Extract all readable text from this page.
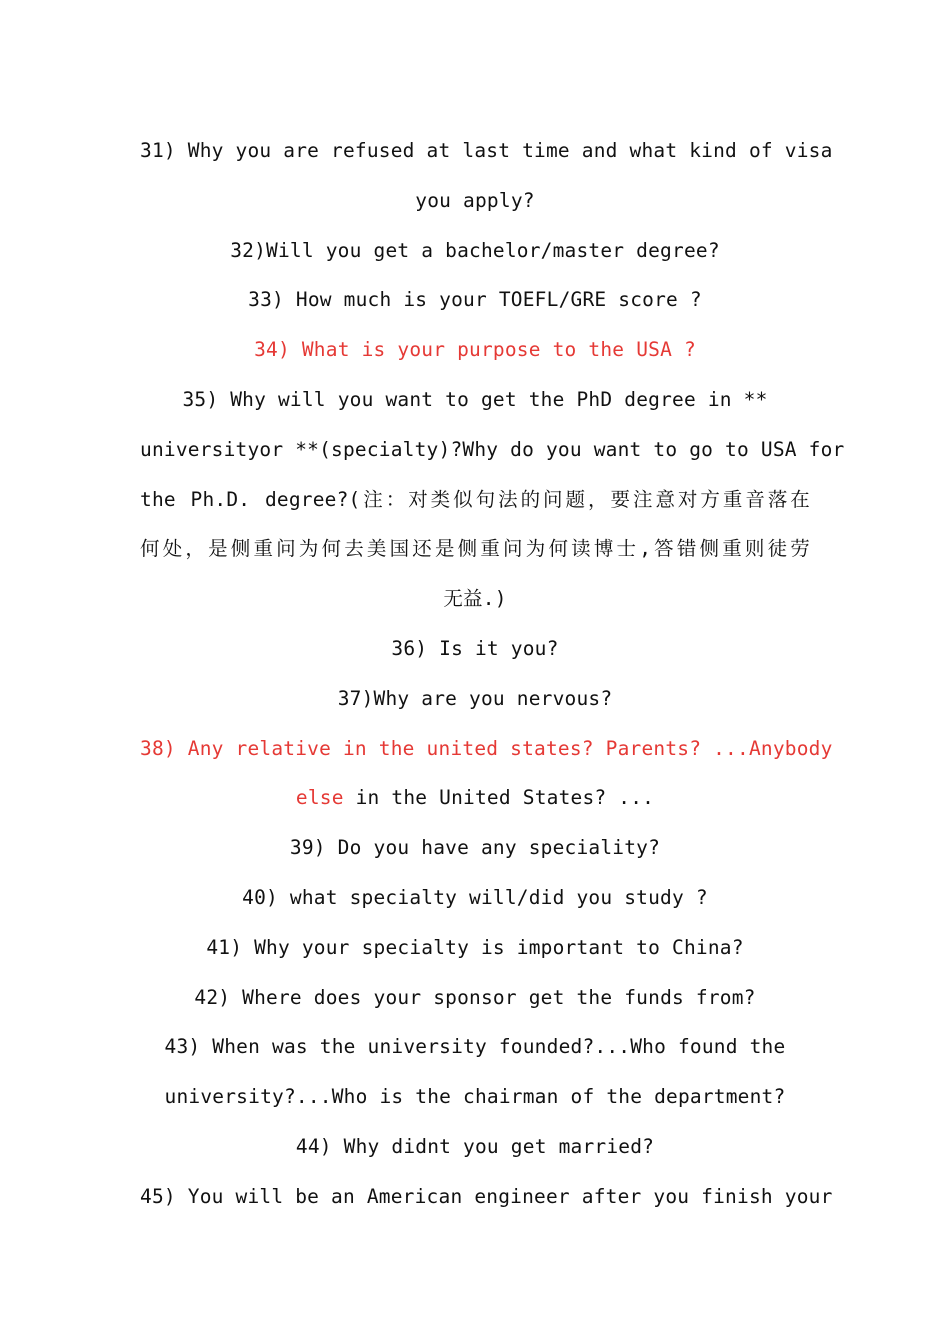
31) Why you are refused at last time and what kind of visa
you apply?
32)Will you get a bachelor/master degree?
33) How much is your TOEFL/GRE score ?
34) What is your purpose to the USA ?
35) Why will you want to get the PhD degree in **
universityor **(specialty)?Why do you want to go to USA for
the Ph.D. degree?(注：对类似句法的问题，要注意对方重音落在
何处，是侧重问为何去美国还是侧重问为何读博士,答错侧重则徒劳
无益.)
36) Is it you?
37)Why are you nervous?
38) Any relative in the united states? Parents? ...Anybody
else in the United States? ...
39) Do you have any speciality?
40) what specialty will/did you study ?
41) Why your specialty is important to China?
42) Where does your sponsor get the funds from?
43) When was the university founded?...Who found the
university?...Who is the chairman of the department?
44) Why didnt you get married?
45) You will be an American engineer after you finish your
